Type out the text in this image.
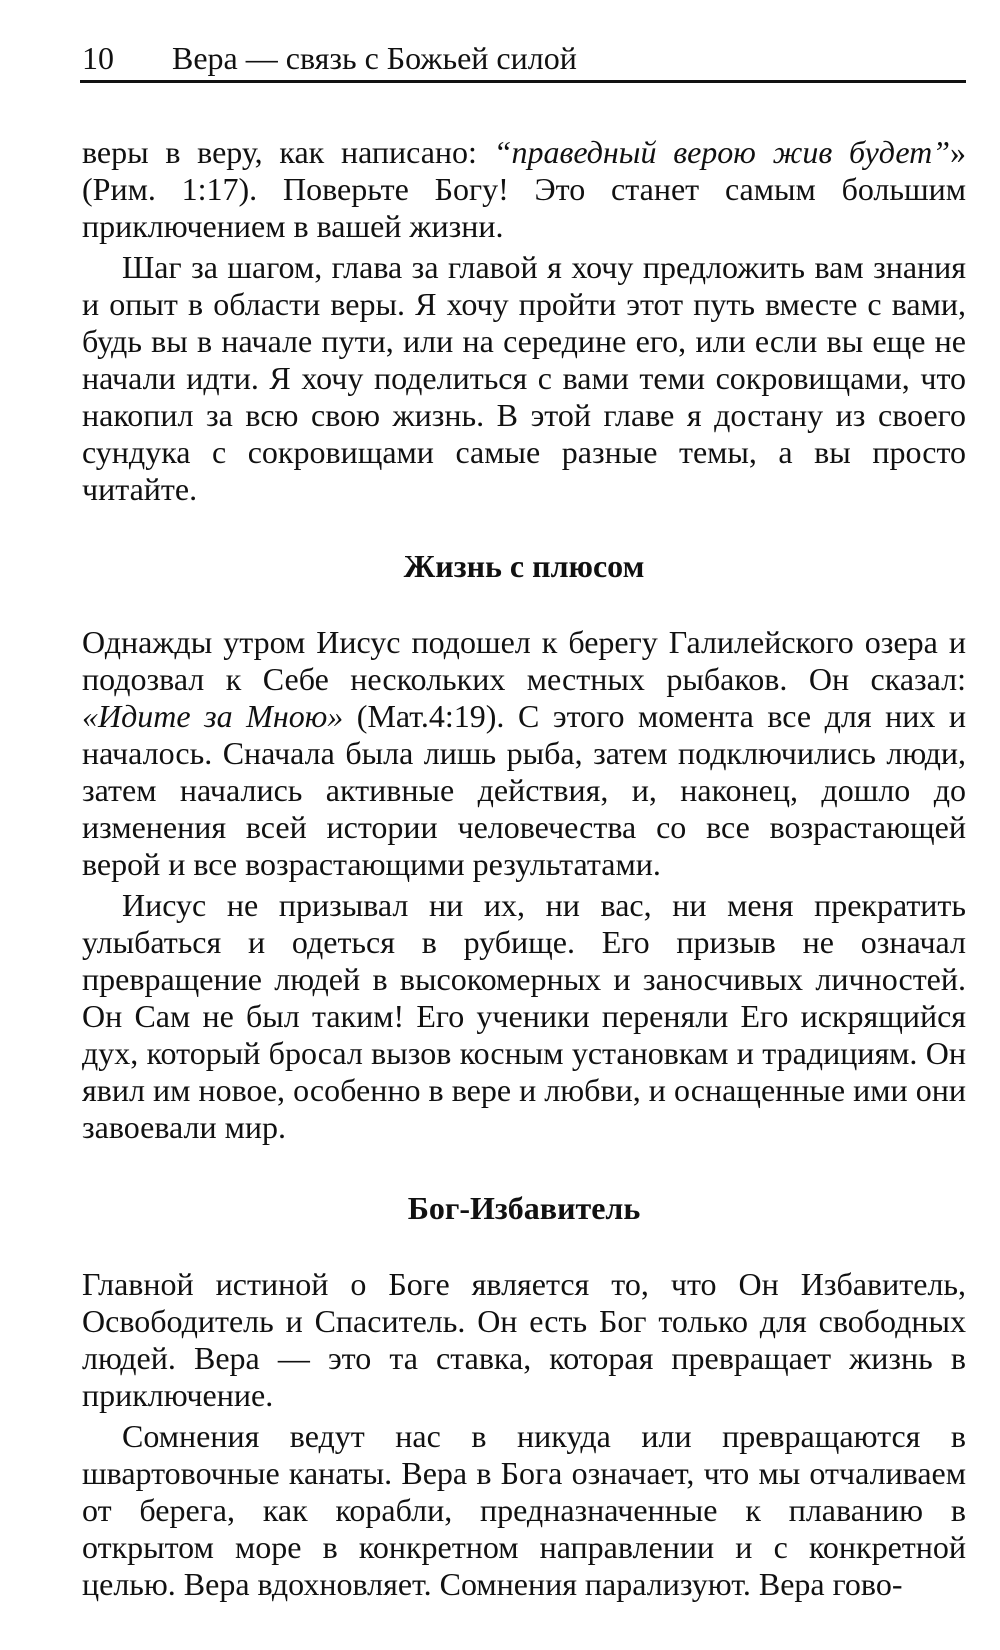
10 Вера — связь с Божьей силой

веры в веру, как написано: “праведный верою жив будет”» (Рим. 1:17). Поверьте Богу! Это станет самым большим приключением в вашей жизни.

Шаг за шагом, глава за главой я хочу предложить вам знания и опыт в области веры. Я хочу пройти этот путь вместе с вами, будь вы в начале пути, или на середине его, или если вы еще не начали идти. Я хочу поделиться с вами теми сокровищами, что накопил за всю свою жизнь. В этой главе я достану из своего сундука с сокровищами самые разные темы, а вы просто читайте.

Жизнь с плюсом

Однажды утром Иисус подошел к берегу Галилейского озера и подозвал к Себе нескольких местных рыбаков. Он сказал: «Идите за Мною» (Мат.4:19). С этого момента все для них и началось. Сначала была лишь рыба, затем подключились люди, затем начались активные действия, и, наконец, дошло до изменения всей истории человечества со все возрастающей верой и все возрастающими результатами.

Иисус не призывал ни их, ни вас, ни меня прекратить улыбаться и одеться в рубище. Его призыв не означал превращение людей в высокомерных и заносчивых личностей. Он Сам не был таким! Его ученики переняли Его искрящийся дух, который бросал вызов косным установкам и традициям. Он явил им новое, особенно в вере и любви, и оснащенные ими они завоевали мир.

Бог-Избавитель

Главной истиной о Боге является то, что Он Избавитель, Освободитель и Спаситель. Он есть Бог только для свободных людей. Вера — это та ставка, которая превращает жизнь в приключение.

Сомнения ведут нас в никуда или превращаются в швартовочные канаты. Вера в Бога означает, что мы отчаливаем от берега, как корабли, предназначенные к плаванию в открытом море в конкретном направлении и с конкретной целью. Вера вдохновляет. Сомнения парализуют. Вера гово-
